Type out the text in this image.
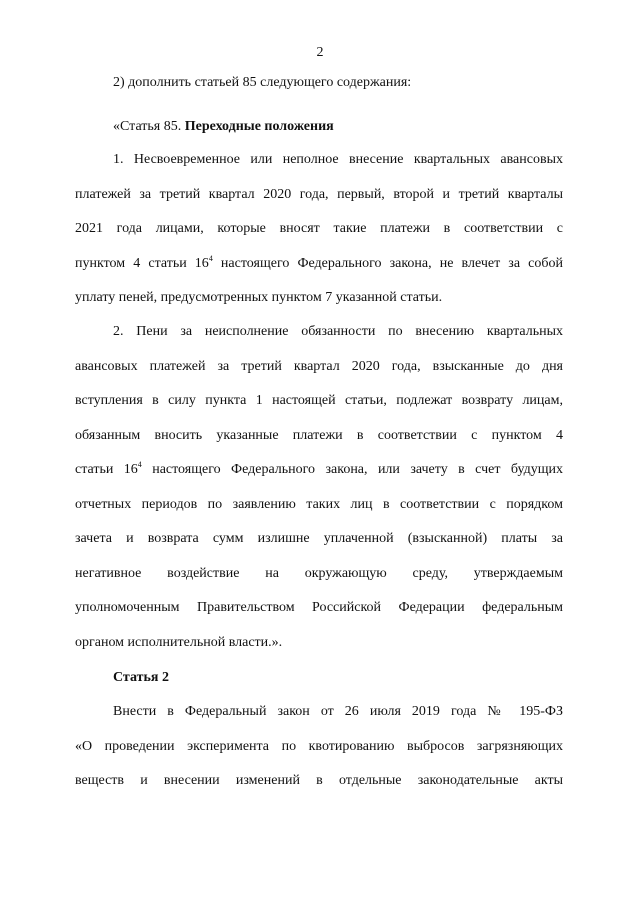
2
2) дополнить статьей 85 следующего содержания:
«Статья 85. Переходные положения
1. Несвоевременное или неполное внесение квартальных авансовых
платежей за третий квартал 2020 года, первый, второй и третий кварталы
2021 года лицами, которые вносят такие платежи в соответствии с
пунктом 4 статьи $16^4$ настоящего Федерального закона, не влечет за собой
уплату пеней, предусмотренных пунктом 7 указанной статьи.
2. Пени за неисполнение обязанности по внесению квартальных
авансовых платежей за третий квартал 2020 года, взысканные до дня
вступления в силу пункта 1 настоящей статьи, подлежат возврату лицам,
обязанным вносить указанные платежи в соответствии с пунктом 4
статьи $16^4$ настоящего Федерального закона, или зачету в счет будущих
отчетных периодов по заявлению таких лиц в соответствии с порядком
зачета и возврата сумм излишне уплаченной (взысканной) платы за
негативное воздействие на окружающую среду, утверждаемым
уполномоченным Правительством Российской Федерации федеральным
органом исполнительной власти.».
Статья 2
Внести в Федеральный закон от 26 июля 2019 года № 195-ФЗ
«О проведении эксперимента по квотированию выбросов загрязняющих
веществ и внесении изменений в отдельные законодательные акты
